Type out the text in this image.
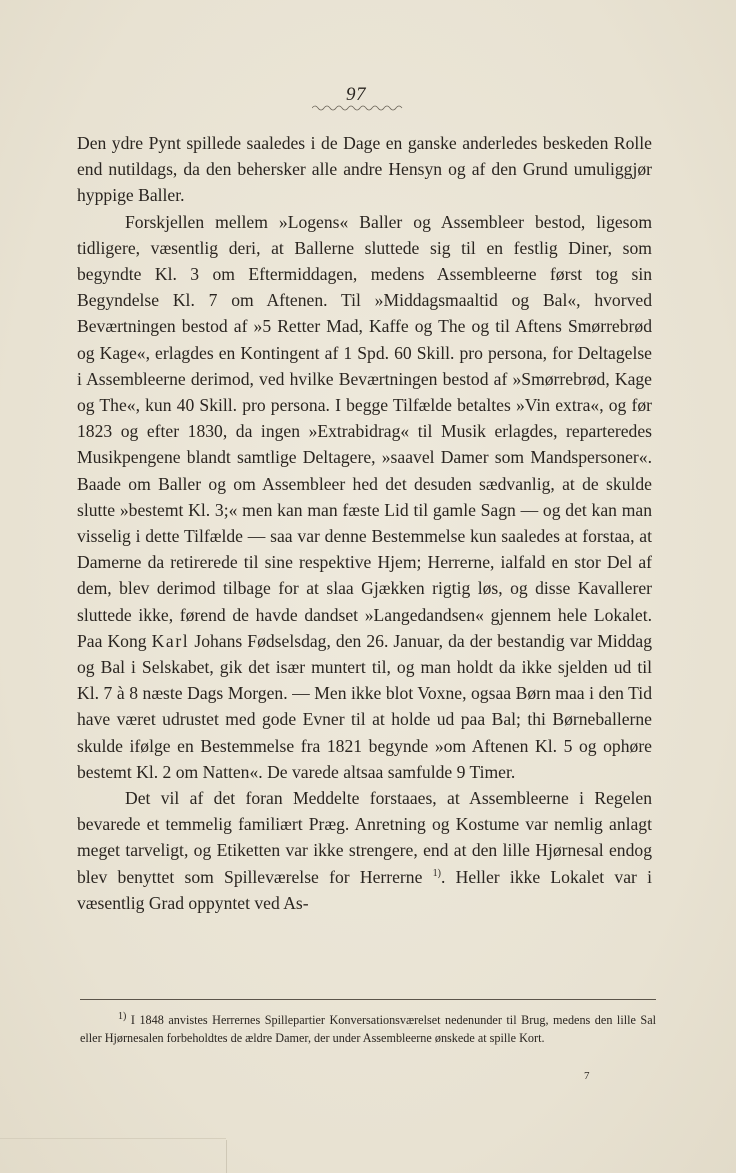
97

Den ydre Pynt spillede saaledes i de Dage en ganske anderledes beskeden Rolle end nutildags, da den behersker alle andre Hensyn og af den Grund umuliggjør hyppige Baller.

Forskjellen mellem »Logens« Baller og Assembleer bestod, ligesom tidligere, væsentlig deri, at Ballerne sluttede sig til en festlig Diner, som begyndte Kl. 3 om Eftermiddagen, medens Assembleerne først tog sin Begyndelse Kl. 7 om Aftenen. Til »Middagsmaaltid og Bal«, hvorved Beværtningen bestod af »5 Retter Mad, Kaffe og The og til Aftens Smørrebrød og Kage«, erlagdes en Kontingent af 1 Spd. 60 Skill. pro persona, for Deltagelse i Assembleerne derimod, ved hvilke Beværtningen bestod af »Smørrebrød, Kage og The«, kun 40 Skill. pro persona. I begge Tilfælde betaltes »Vin extra«, og før 1823 og efter 1830, da ingen »Extrabidrag« til Musik erlagdes, reparteredes Musikpengene blandt samtlige Deltagere, »saavel Damer som Mandspersoner«. Baade om Baller og om Assembleer hed det desuden sædvanlig, at de skulde slutte »bestemt Kl. 3;« men kan man fæste Lid til gamle Sagn — og det kan man visselig i dette Tilfælde — saa var denne Bestemmelse kun saaledes at forstaa, at Damerne da retirerede til sine respektive Hjem; Herrerne, ialfald en stor Del af dem, blev derimod tilbage for at slaa Gjækken rigtig løs, og disse Kavallerer sluttede ikke, førend de havde dandset »Langedandsen« gjennem hele Lokalet. Paa Kong Karl Johans Fødselsdag, den 26. Januar, da der bestandig var Middag og Bal i Selskabet, gik det især muntert til, og man holdt da ikke sjelden ud til Kl. 7 à 8 næste Dags Morgen. — Men ikke blot Voxne, ogsaa Børn maa i den Tid have været udrustet med gode Evner til at holde ud paa Bal; thi Børneballerne skulde ifølge en Bestemmelse fra 1821 begynde »om Aftenen Kl. 5 og ophøre bestemt Kl. 2 om Natten«. De varede altsaa samfulde 9 Timer.

Det vil af det foran Meddelte forstaaes, at Assembleerne i Regelen bevarede et temmelig familiært Præg. Anretning og Kostume var nemlig anlagt meget tarveligt, og Etiketten var ikke strengere, end at den lille Hjørnesal endog blev benyttet som Spilleværelse for Herrerne $^{1)}$. Heller ikke Lokalet var i væsentlig Grad oppyntet ved As-

$^{1)}$ I 1848 anvistes Herrernes Spillepartier Konversationsværelset nedenunder til Brug, medens den lille Sal eller Hjørnesalen forbeholdtes de ældre Damer, der under Assembleerne ønskede at spille Kort.

7
